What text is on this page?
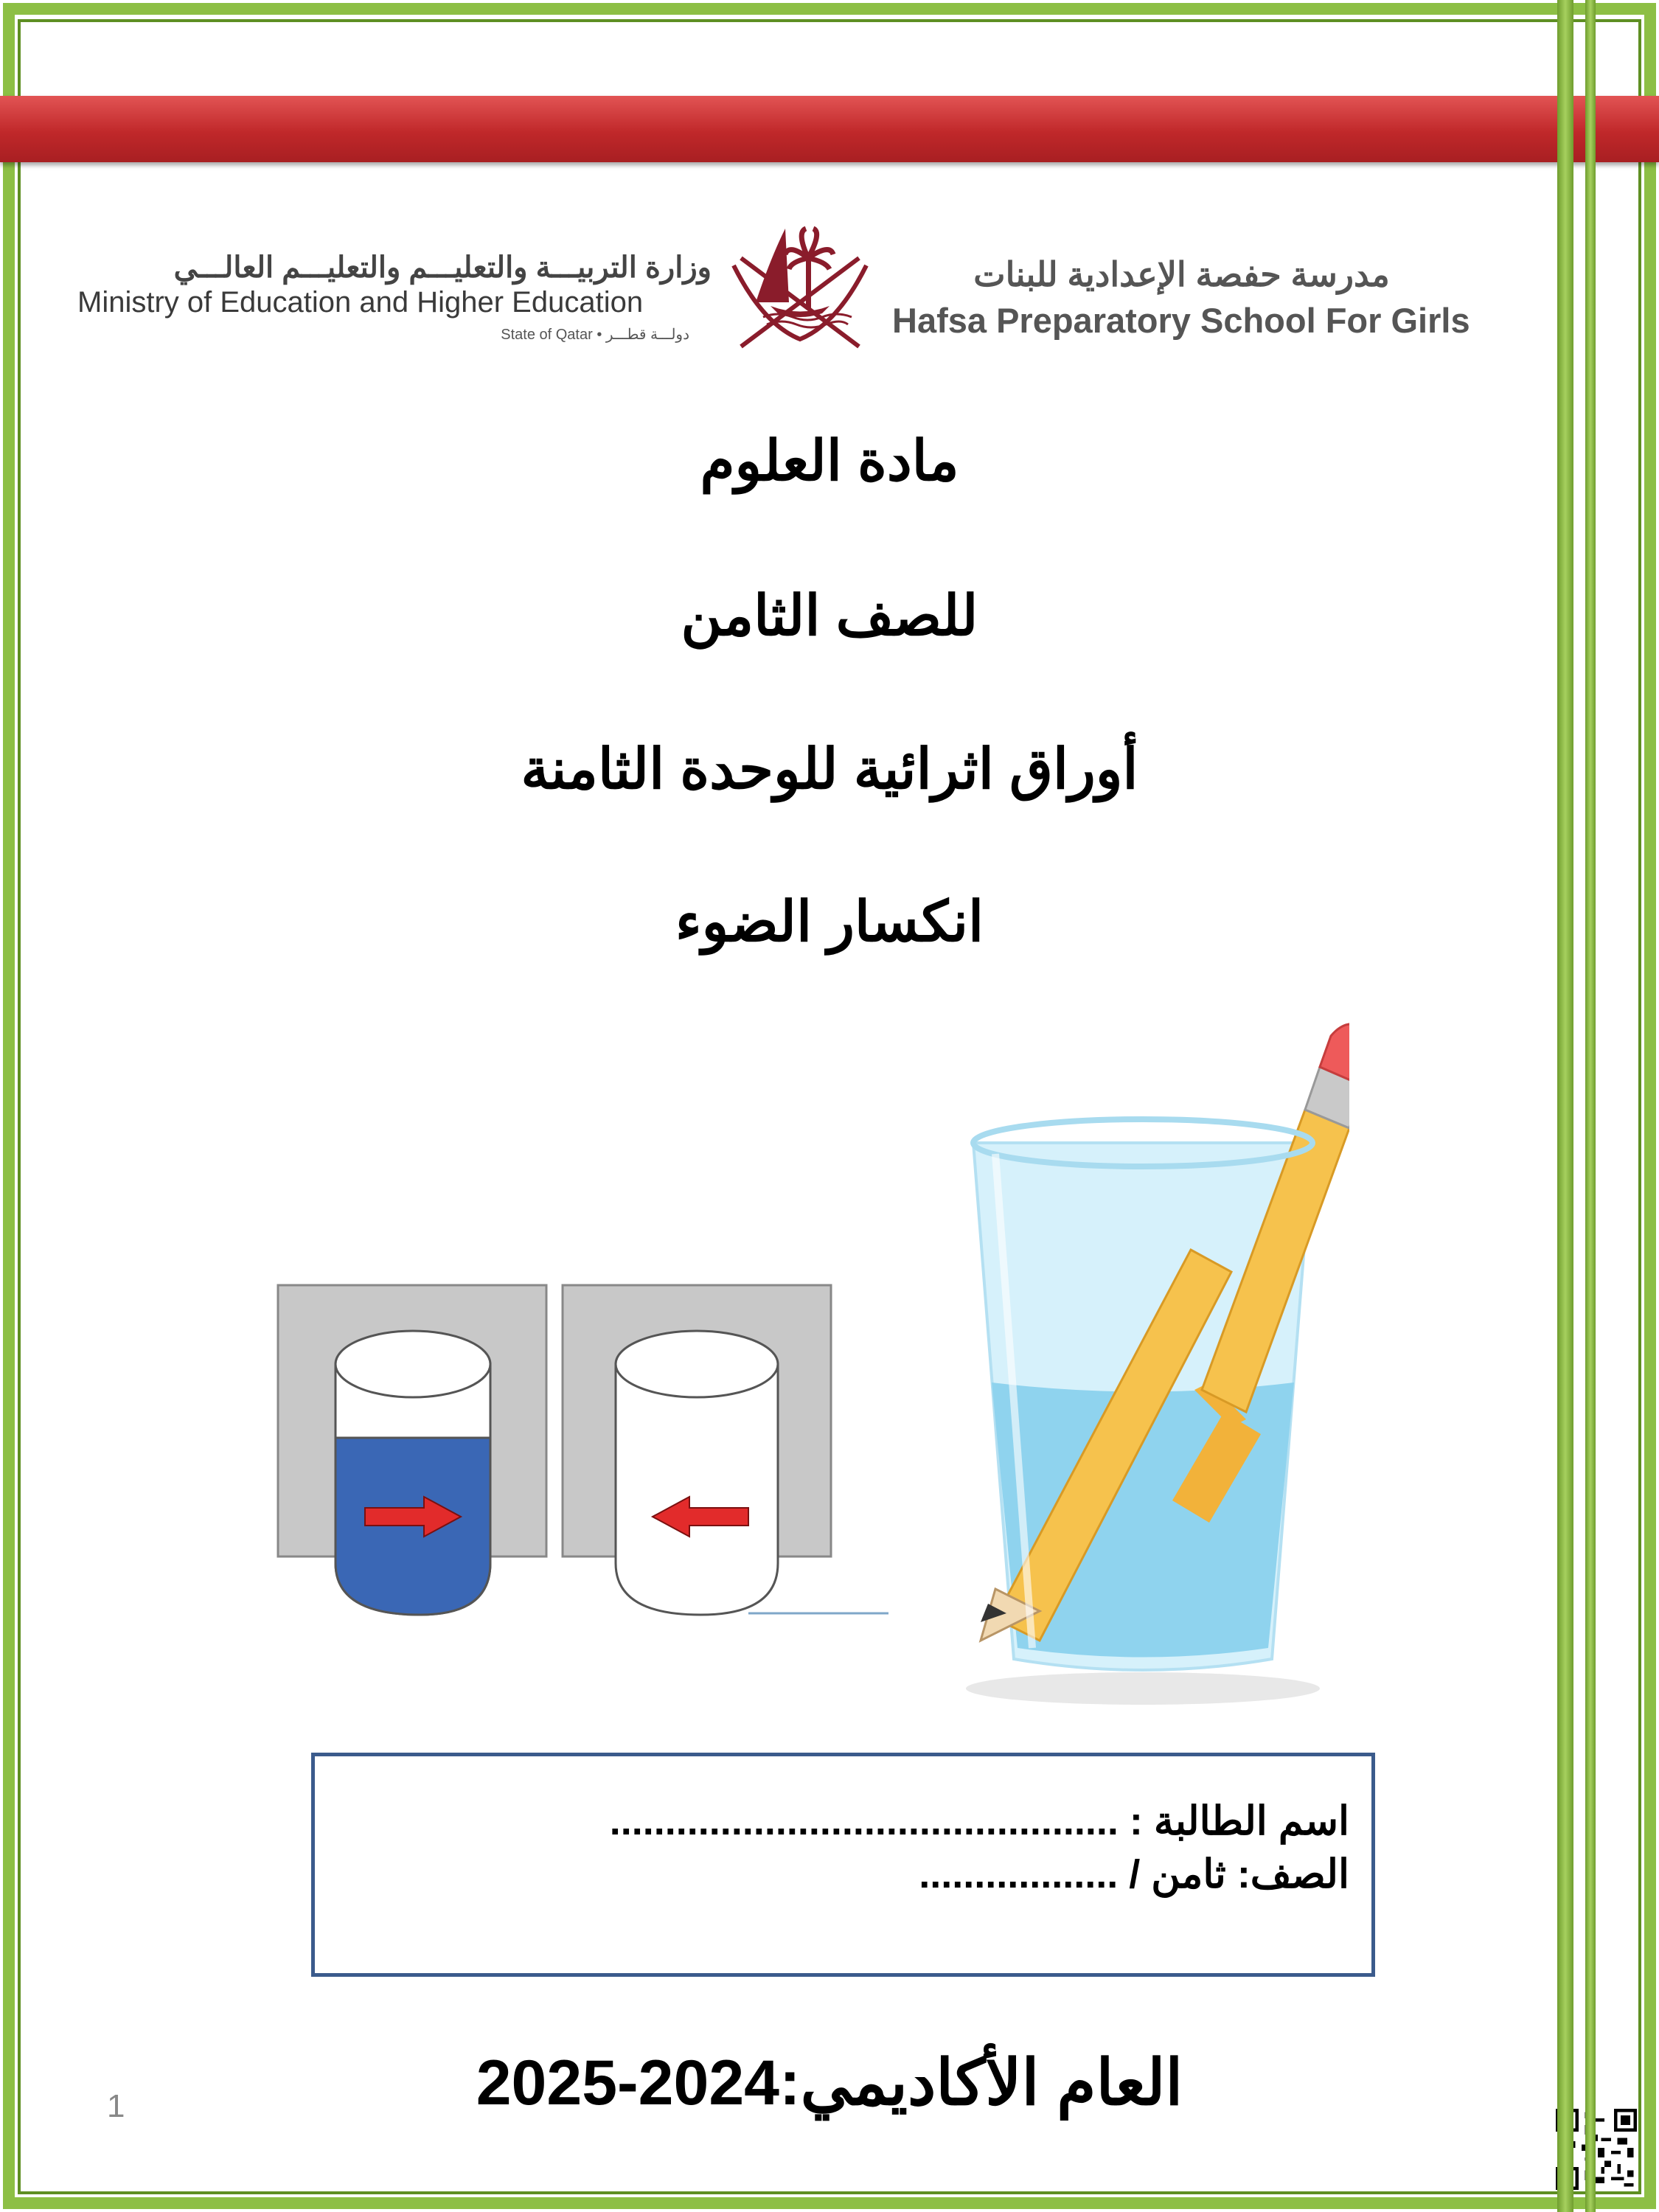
وزارة التربيـــة والتعليـــم والتعليـــم العالـــي
Ministry of Education and Higher Education
State of Qatar • دولـــة قطـــر
مدرسة حفصة الإعدادية للبنات
Hafsa Preparatory School For Girls
مادة العلوم
للصف الثامن
أوراق اثرائية للوحدة الثامنة
انكسار الضوء
اسم الطالبة : ..............................................
الصف: ثامن / ..................
العام الأكاديمي:2024-2025
1
